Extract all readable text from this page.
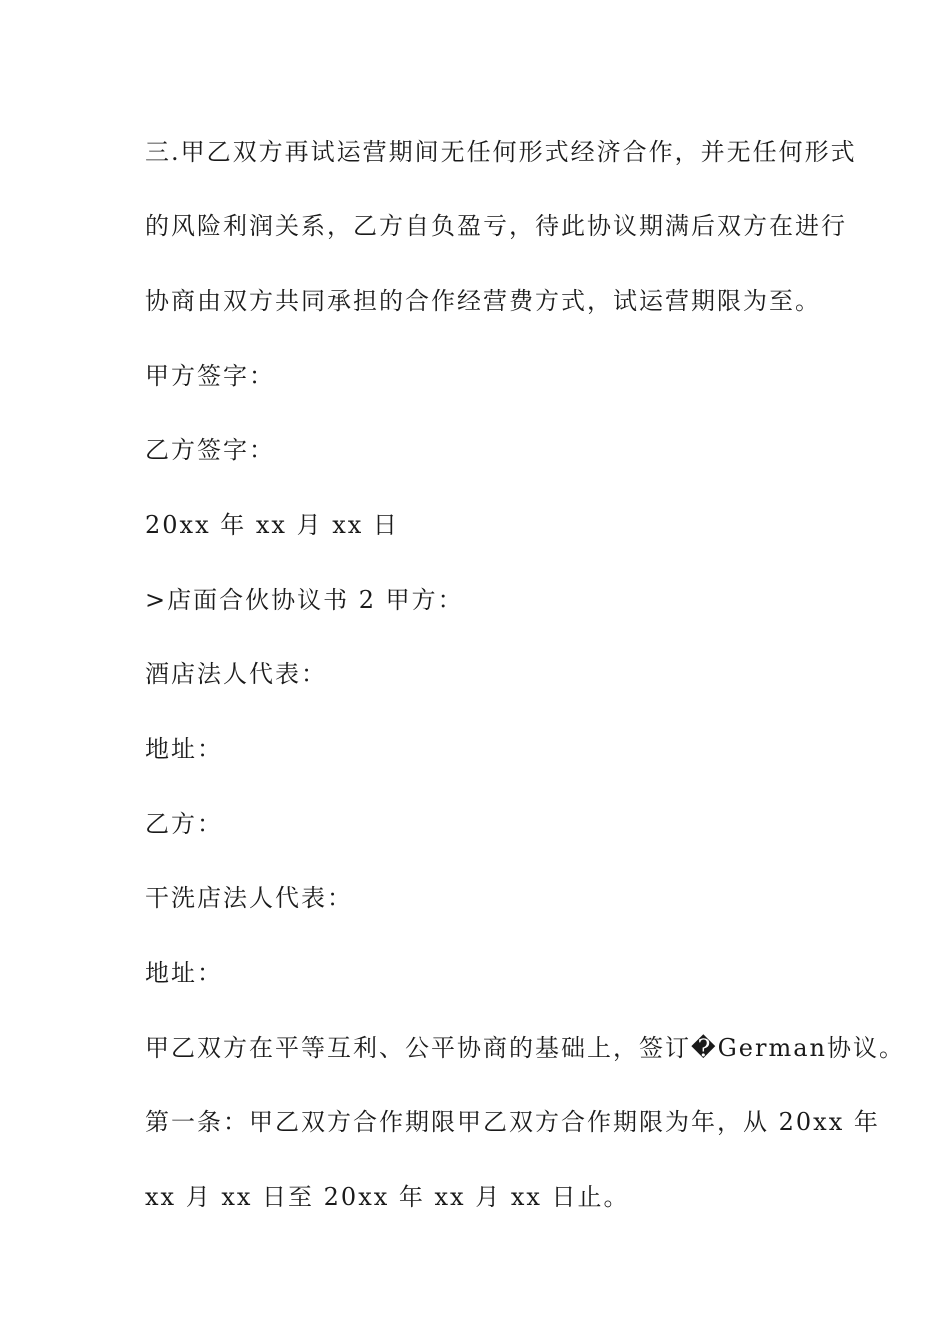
三.甲乙双方再试运营期间无任何形式经济合作，并无任何形式
的风险利润关系，乙方自负盈亏，待此协议期满后双方在进行
协商由双方共同承担的合作经营费方式，试运营期限为至。
甲方签字：
乙方签字：
20xx 年 xx 月 xx 日
>店面合伙协议书 2 甲方：
酒店法人代表：
地址：
乙方：
干洗店法人代表：
地址：
甲乙双方在平等互利、公平协商的基础上，签订�German协议。
第一条：甲乙双方合作期限甲乙双方合作期限为年，从 20xx 年
xx 月 xx 日至 20xx 年 xx 月 xx 日止。
